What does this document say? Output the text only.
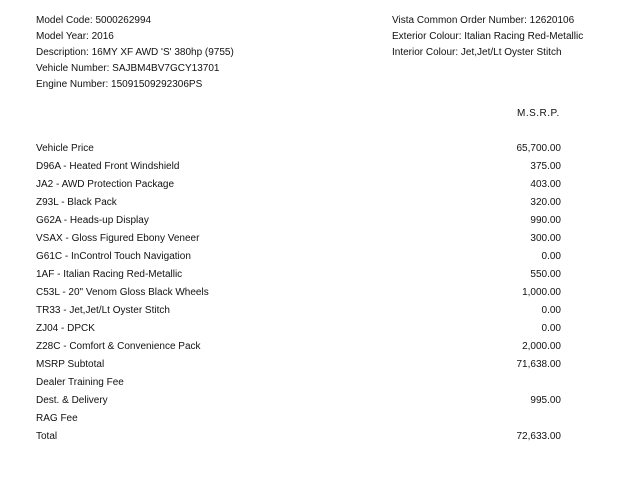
Model Code: 5000262994
Model Year: 2016
Description: 16MY XF AWD 'S' 380hp (9755)
Vehicle Number: SAJBM4BV7GCY13701
Engine Number: 15091509292306PS
Vista Common Order Number: 12620106
Exterior Colour: Italian Racing Red-Metallic
Interior Colour: Jet,Jet/Lt Oyster Stitch
M.S.R.P.
Vehicle Price	65,700.00
D96A - Heated Front Windshield	375.00
JA2 - AWD Protection Package	403.00
Z93L - Black Pack	320.00
G62A - Heads-up Display	990.00
VSAX - Gloss Figured Ebony Veneer	300.00
G61C - InControl Touch Navigation	0.00
1AF - Italian Racing Red-Metallic	550.00
C53L - 20" Venom Gloss Black Wheels	1,000.00
TR33 - Jet,Jet/Lt Oyster Stitch	0.00
ZJ04 - DPCK	0.00
Z28C - Comfort & Convenience Pack	2,000.00
MSRP Subtotal	71,638.00
Dealer Training Fee
Dest. & Delivery	995.00
RAG Fee
Total	72,633.00
